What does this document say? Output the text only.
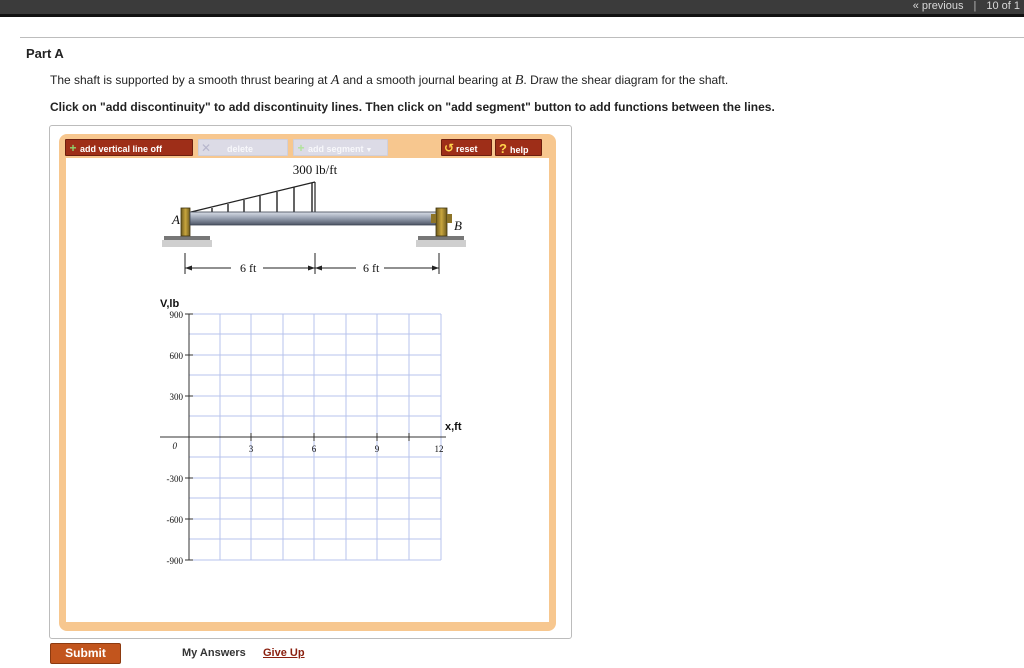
« previous | 10 of 1
Part A
The shaft is supported by a smooth thrust bearing at A and a smooth journal bearing at B. Draw the shear diagram for the shaft.
Click on "add discontinuity" to add discontinuity lines. Then click on "add segment" button to add functions between the lines.
+ add vertical line off	✕ delete	+ add segment ▼	↺ reset	? help
300 lb/ft
A	B
6 ft	6 ft
V,lb
900
600
300
0
-300
-600
-900
3	6	9	12
x,ft
Submit	My Answers Give Up
